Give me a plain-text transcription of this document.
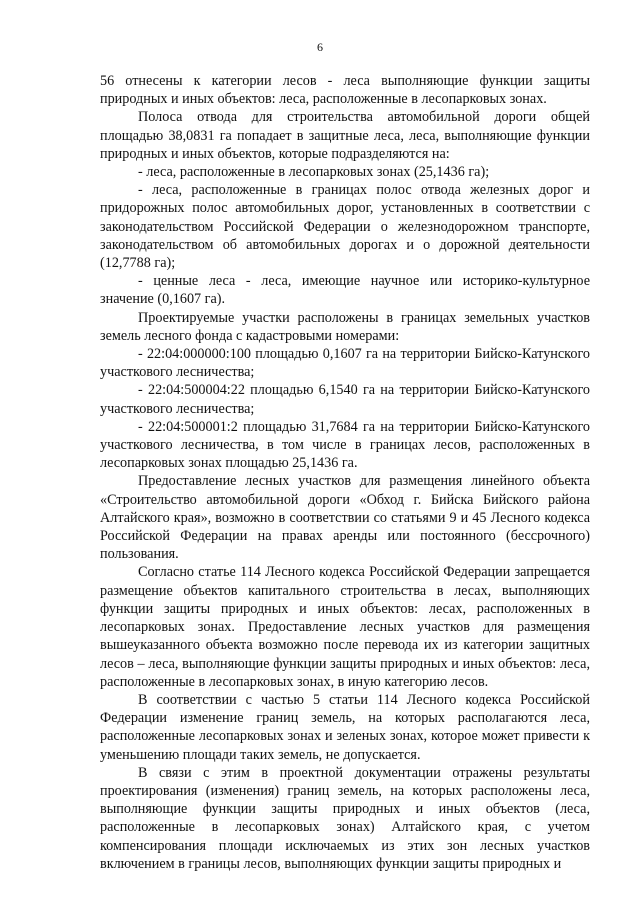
6

56 отнесены к категории лесов - леса выполняющие функции защиты природных и иных объектов: леса, расположенные в лесопарковых зонах.

Полоса отвода для строительства автомобильной дороги общей площадью 38,0831 га попадает в защитные леса, леса, выполняющие функции природных и иных объектов, которые подразделяются на:

- леса, расположенные в лесопарковых зонах (25,1436 га);

- леса, расположенные в границах полос отвода железных дорог и придорожных полос автомобильных дорог, установленных в соответствии с законодательством Российской Федерации о железнодорожном транспорте, законодательством об автомобильных дорогах и о дорожной деятельности (12,7788 га);

- ценные леса - леса, имеющие научное или историко-культурное значение (0,1607 га).

Проектируемые участки расположены в границах земельных участков земель лесного фонда с кадастровыми номерами:

- 22:04:000000:100 площадью 0,1607 га на территории Бийско-Катунского участкового лесничества;

- 22:04:500004:22 площадью 6,1540 га на территории Бийско-Катунского участкового лесничества;

- 22:04:500001:2 площадью 31,7684 га на территории Бийско-Катунского участкового лесничества, в том числе в границах лесов, расположенных в лесопарковых зонах площадью 25,1436 га.

Предоставление лесных участков для размещения линейного объекта «Строительство автомобильной дороги «Обход г. Бийска Бийского района Алтайского края», возможно в соответствии со статьями 9 и 45 Лесного кодекса Российской Федерации на правах аренды или постоянного (бессрочного) пользования.

Согласно статье 114 Лесного кодекса Российской Федерации запрещается размещение объектов капитального строительства в лесах, выполняющих функции защиты природных и иных объектов: лесах, расположенных в лесопарковых зонах. Предоставление лесных участков для размещения вышеуказанного объекта возможно после перевода их из категории защитных лесов – леса, выполняющие функции защиты природных и иных объектов: леса, расположенные в лесопарковых зонах, в иную категорию лесов.

В соответствии с частью 5 статьи 114 Лесного кодекса Российской Федерации изменение границ земель, на которых располагаются леса, расположенные лесопарковых зонах и зеленых зонах, которое может привести к уменьшению площади таких земель, не допускается.

В связи с этим в проектной документации отражены результаты проектирования (изменения) границ земель, на которых расположены леса, выполняющие функции защиты природных и иных объектов (леса, расположенные в лесопарковых зонах) Алтайского края, с учетом компенсирования площади исключаемых из этих зон лесных участков включением в границы лесов, выполняющих функции защиты природных и
